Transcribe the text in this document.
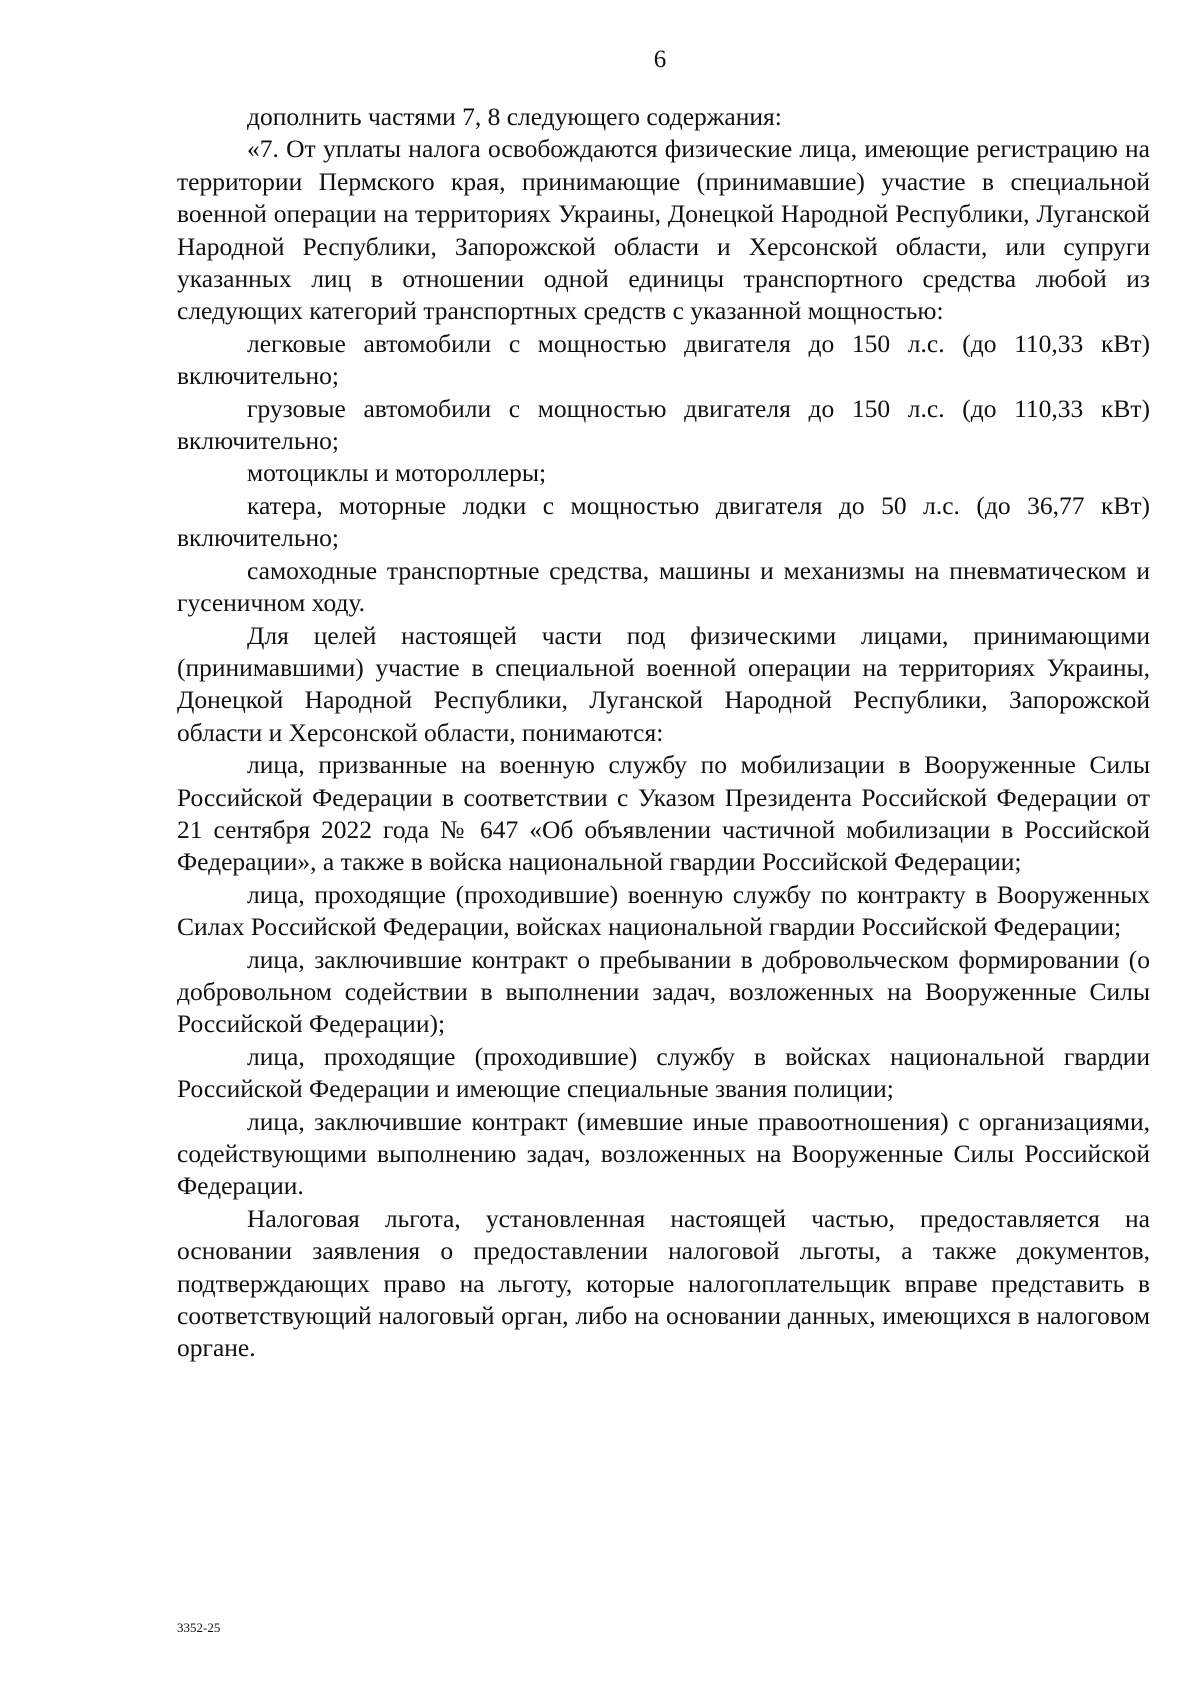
6

дополнить частями 7, 8 следующего содержания:

«7. От уплаты налога освобождаются физические лица, имеющие регистрацию на территории Пермского края, принимающие (принимавшие) участие в специальной военной операции на территориях Украины, Донецкой Народной Республики, Луганской Народной Республики, Запорожской области и Херсонской области, или супруги указанных лиц в отношении одной единицы транспортного средства любой из следующих категорий транспортных средств с указанной мощностью:

легковые автомобили с мощностью двигателя до 150 л.с. (до 110,33 кВт) включительно;

грузовые автомобили с мощностью двигателя до 150 л.с. (до 110,33 кВт) включительно;

мотоциклы и мотороллеры;

катера, моторные лодки с мощностью двигателя до 50 л.с. (до 36,77 кВт) включительно;

самоходные транспортные средства, машины и механизмы на пневматическом и гусеничном ходу.

Для целей настоящей части под физическими лицами, принимающими (принимавшими) участие в специальной военной операции на территориях Украины, Донецкой Народной Республики, Луганской Народной Республики, Запорожской области и Херсонской области, понимаются:

лица, призванные на военную службу по мобилизации в Вооруженные Силы Российской Федерации в соответствии с Указом Президента Российской Федерации от 21 сентября 2022 года № 647 «Об объявлении частичной мобилизации в Российской Федерации», а также в войска национальной гвардии Российской Федерации;

лица, проходящие (проходившие) военную службу по контракту в Вооруженных Силах Российской Федерации, войсках национальной гвардии Российской Федерации;

лица, заключившие контракт о пребывании в добровольческом формировании (о добровольном содействии в выполнении задач, возложенных на Вооруженные Силы Российской Федерации);

лица, проходящие (проходившие) службу в войсках национальной гвардии Российской Федерации и имеющие специальные звания полиции;

лица, заключившие контракт (имевшие иные правоотношения) с организациями, содействующими выполнению задач, возложенных на Вооруженные Силы Российской Федерации.

Налоговая льгота, установленная настоящей частью, предоставляется на основании заявления о предоставлении налоговой льготы, а также документов, подтверждающих право на льготу, которые налогоплательщик вправе представить в соответствующий налоговый орган, либо на основании данных, имеющихся в налоговом органе.

3352-25
